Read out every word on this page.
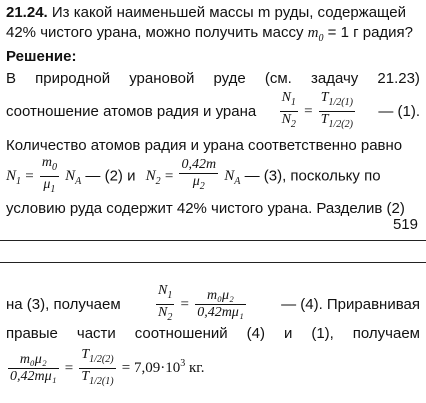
21.24. Из какой наименьшей массы m руды, содержащей
42% чистого урана, можно получить массу $m_0 = 1$ г радия?
Решение:
В природной урановой руде (см. задачу 21.23)
соотношение атомов радия и урана $\frac{N_1}{N_2} = \frac{T_{1/2(1)}}{T_{1/2(2)}}$ — (1).
Количество атомов радия и урана соответственно равно
$N_1 = \frac{m_0}{\mu_1} N_A$ — (2) и $N_2 = \frac{0,42m}{\mu_2} N_A$ — (3), поскольку по
условию руда содержит 42% чистого урана. Разделив (2)
519
на (3), получаем	$\frac{N_1}{N_2} = \frac{\text{m₀μ₂}}{\text{0,42mμ₁}}$ — (4). Приравнивая
правые части соотношений (4) и (1), получаем
$\frac{\text{m₀μ₂}}{\text{0,42mμ₁}} = \frac{T_{1/2(2)}}{T_{1/2(1)}} = 7,09\cdot 10^3$ кг.
